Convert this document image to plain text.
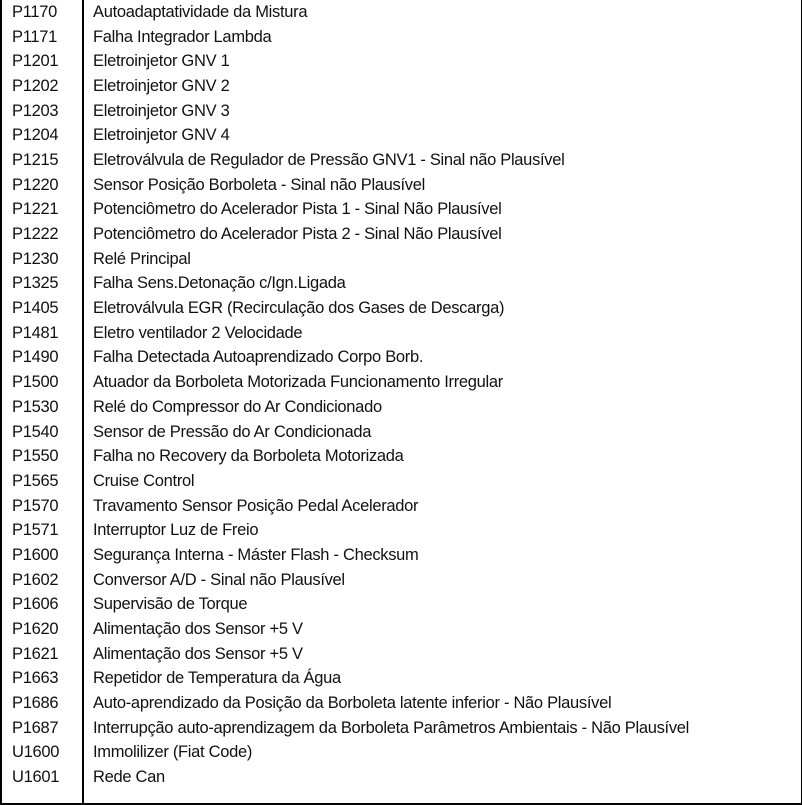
P1170	Autoadaptatividade da Mistura
P1171	Falha Integrador Lambda
P1201	Eletroinjetor GNV 1
P1202	Eletroinjetor GNV 2
P1203	Eletroinjetor GNV 3
P1204	Eletroinjetor GNV 4
P1215	Eletroválvula de Regulador de Pressão GNV1 - Sinal não Plausível
P1220	Sensor Posição Borboleta - Sinal não Plausível
P1221	Potenciômetro do Acelerador Pista 1 - Sinal Não Plausível
P1222	Potenciômetro do Acelerador Pista 2 - Sinal Não Plausível
P1230	Relé Principal
P1325	Falha Sens.Detonação c/Ign.Ligada
P1405	Eletroválvula EGR (Recirculação dos Gases de Descarga)
P1481	Eletro ventilador 2 Velocidade
P1490	Falha Detectada Autoaprendizado Corpo Borb.
P1500	Atuador da Borboleta Motorizada Funcionamento Irregular
P1530	Relé do Compressor do Ar Condicionado
P1540	Sensor de Pressão do Ar Condicionada
P1550	Falha no Recovery da Borboleta Motorizada
P1565	Cruise Control
P1570	Travamento Sensor Posição Pedal Acelerador
P1571	Interruptor Luz de Freio
P1600	Segurança Interna - Máster Flash - Checksum
P1602	Conversor A/D - Sinal não Plausível
P1606	Supervisão de Torque
P1620	Alimentação dos Sensor +5 V
P1621	Alimentação dos Sensor +5 V
P1663	Repetidor de Temperatura da Água
P1686	Auto-aprendizado da Posição da Borboleta latente inferior - Não Plausível
P1687	Interrupção auto-aprendizagem da Borboleta Parâmetros Ambientais - Não Plausível
U1600	Immolilizer (Fiat Code)
U1601	Rede Can
